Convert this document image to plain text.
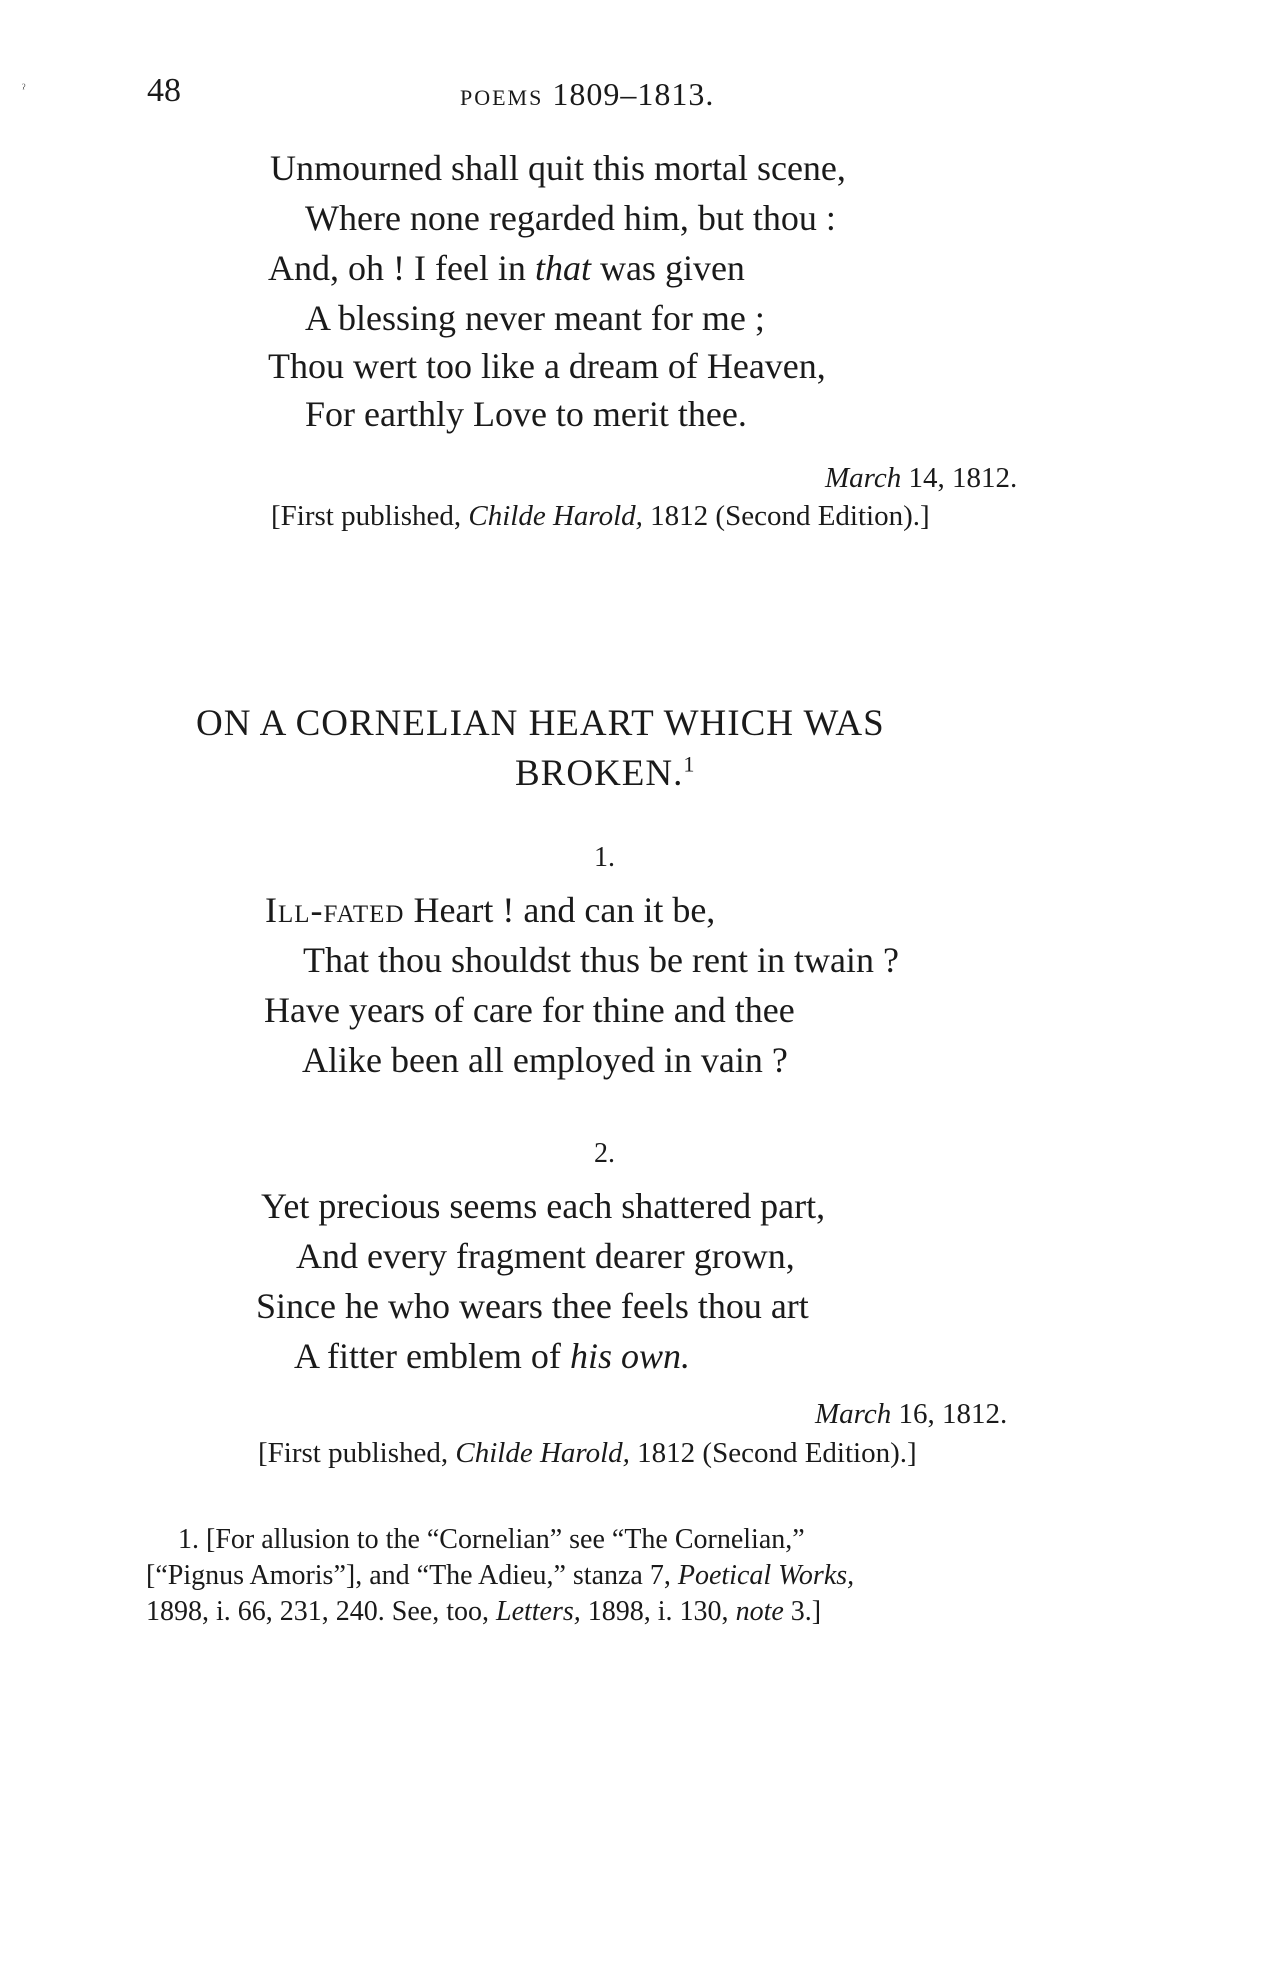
ˀ	48	POEMS 1809–1813.
Unmourned shall quit this mortal scene,
Where none regarded him, but thou :
And, oh ! I feel in that was given
A blessing never meant for me ;
Thou wert too like a dream of Heaven,
For earthly Love to merit thee.
March 14, 1812.
[First published, Childe Harold, 1812 (Second Edition).]
ON A CORNELIAN HEART WHICH WAS
BROKEN.$^1$
1.
Ill-fated Heart ! and can it be,
That thou shouldst thus be rent in twain ?
Have years of care for thine and thee
Alike been all employed in vain ?
2.
Yet precious seems each shattered part,
And every fragment dearer grown,
Since he who wears thee feels thou art
A fitter emblem of his own.
March 16, 1812.
[First published, Childe Harold, 1812 (Second Edition).]
1. [For allusion to the “Cornelian” see “The Cornelian,”
[“Pignus Amoris”], and “The Adieu,” stanza 7, Poetical Works,
1898, i. 66, 231, 240. See, too, Letters, 1898, i. 130, note 3.]
